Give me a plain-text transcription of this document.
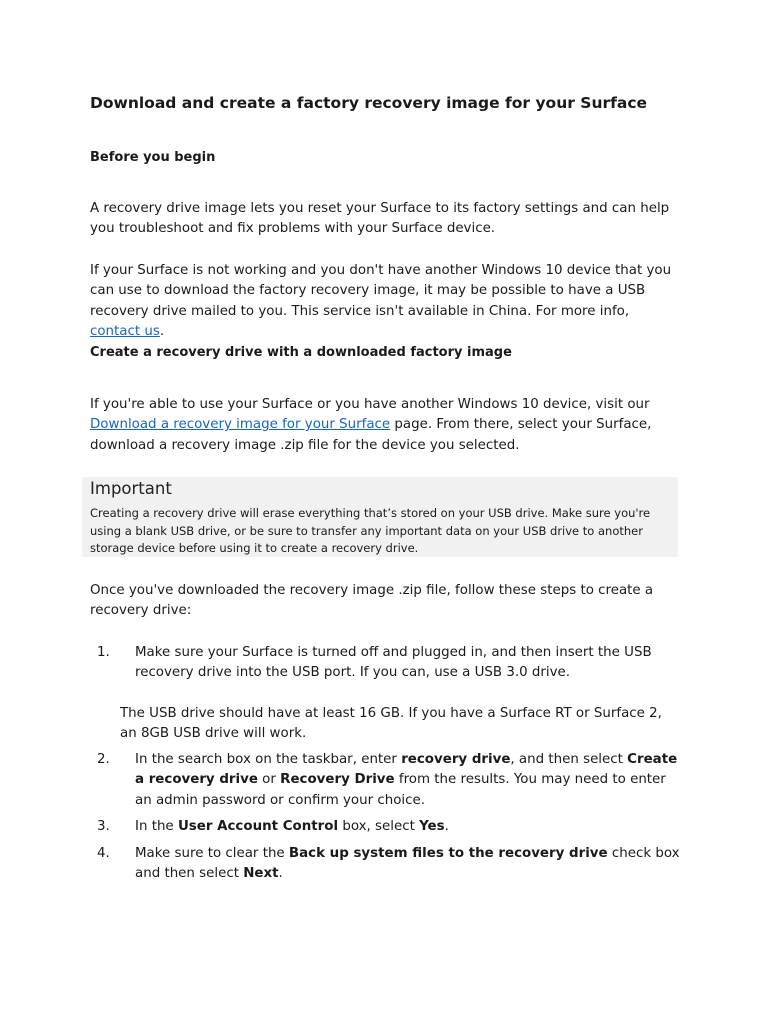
Download and create a factory recovery image for your Surface
Before you begin
A recovery drive image lets you reset your Surface to its factory settings and can help you troubleshoot and fix problems with your Surface device.
If your Surface is not working and you don't have another Windows 10 device that you can use to download the factory recovery image, it may be possible to have a USB recovery drive mailed to you. This service isn't available in China. For more info, contact us.
Create a recovery drive with a downloaded factory image
If you're able to use your Surface or you have another Windows 10 device, visit our Download a recovery image for your Surface page. From there, select your Surface, download a recovery image .zip file for the device you selected.
Important
Creating a recovery drive will erase everything that’s stored on your USB drive. Make sure you're using a blank USB drive, or be sure to transfer any important data on your USB drive to another storage device before using it to create a recovery drive.
Once you've downloaded the recovery image .zip file, follow these steps to create a recovery drive:
1.	Make sure your Surface is turned off and plugged in, and then insert the USB recovery drive into the USB port. If you can, use a USB 3.0 drive.
The USB drive should have at least 16 GB. If you have a Surface RT or Surface 2, an 8GB USB drive will work.
2.	In the search box on the taskbar, enter recovery drive, and then select Create a recovery drive or Recovery Drive from the results. You may need to enter an admin password or confirm your choice.
3.	In the User Account Control box, select Yes.
4.	Make sure to clear the Back up system files to the recovery drive check box and then select Next.
